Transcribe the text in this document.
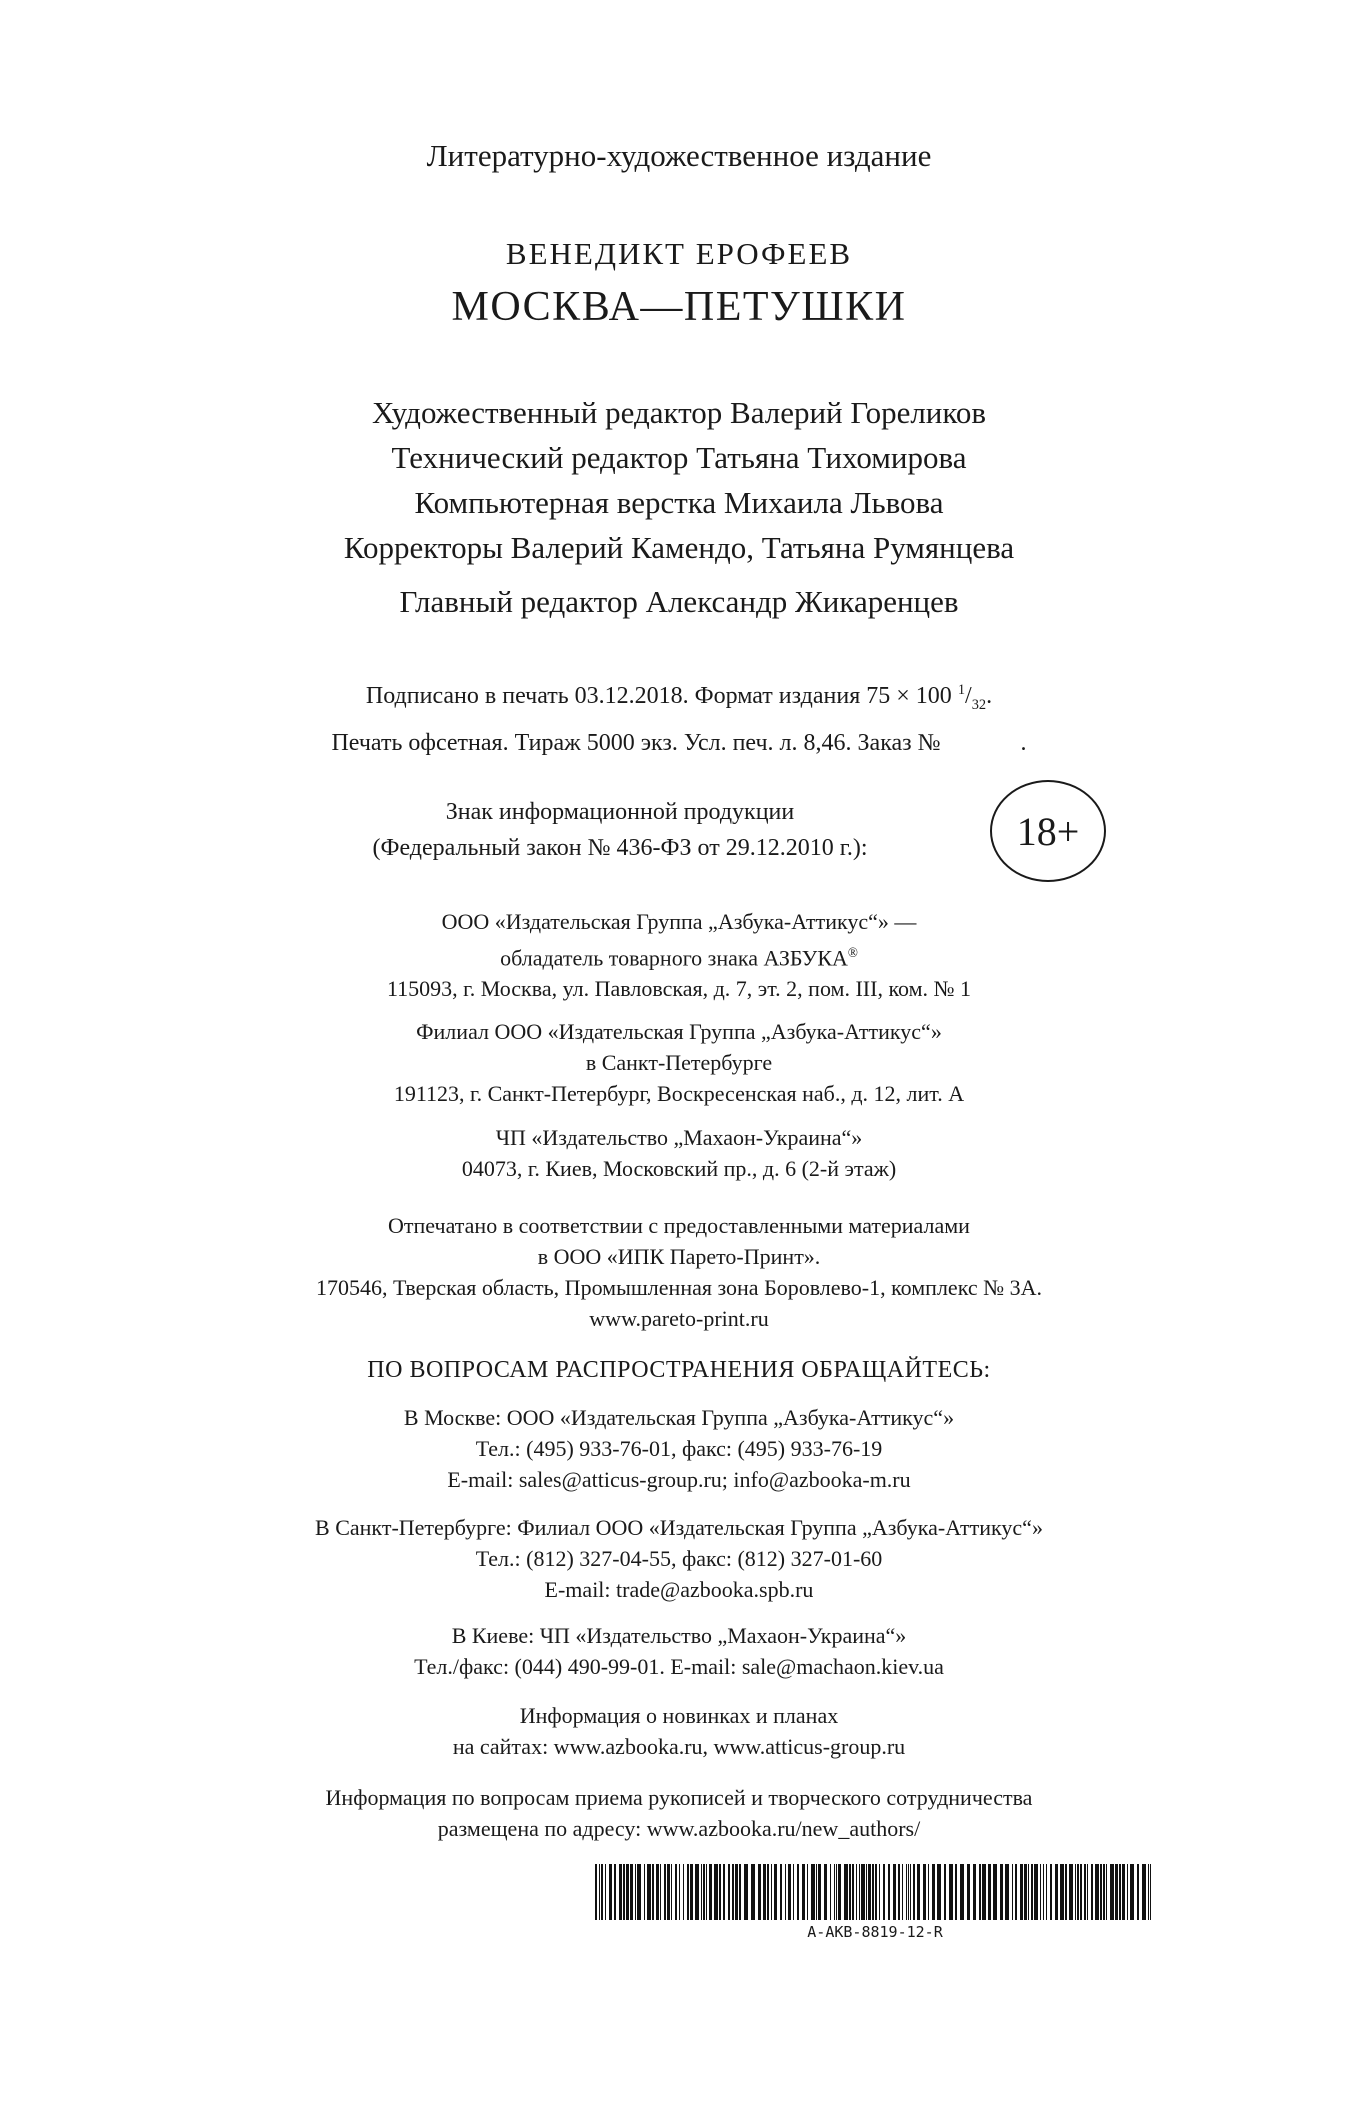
Литературно-художественное издание
ВЕНЕДИКТ ЕРОФЕЕВ
МОСКВА—ПЕТУШКИ
Художественный редактор Валерий Гореликов
Технический редактор Татьяна Тихомирова
Компьютерная верстка Михаила Львова
Корректоры Валерий Камендо, Татьяна Румянцева
Главный редактор Александр Жикаренцев
Подписано в печать 03.12.2018. Формат издания 75 × 100 $^1/_{32}$.
Печать офсетная. Тираж 5000 экз. Усл. печ. л. 8,46. Заказ №	.
Знак информационной продукции
(Федеральный закон № 436-ФЗ от 29.12.2010 г.):	18+
ООО «Издательская Группа „Азбука-Аттикус“» —
обладатель товарного знака АЗБУКА®
115093, г. Москва, ул. Павловская, д. 7, эт. 2, пом. III, ком. № 1
Филиал ООО «Издательская Группа „Азбука-Аттикус“»
в Санкт-Петербурге
191123, г. Санкт-Петербург, Воскресенская наб., д. 12, лит. А
ЧП «Издательство „Махаон-Украина“»
04073, г. Киев, Московский пр., д. 6 (2-й этаж)
Отпечатано в соответствии с предоставленными материалами
в ООО «ИПК Парето-Принт».
170546, Тверская область, Промышленная зона Боровлево-1, комплекс № 3А.
www.pareto-print.ru
ПО ВОПРОСАМ РАСПРОСТРАНЕНИЯ ОБРАЩАЙТЕСЬ:
В Москве: ООО «Издательская Группа „Азбука-Аттикус“»
Тел.: (495) 933-76-01, факс: (495) 933-76-19
E-mail: sales@atticus-group.ru; info@azbooka-m.ru
В Санкт-Петербурге: Филиал ООО «Издательская Группа „Азбука-Аттикус“»
Тел.: (812) 327-04-55, факс: (812) 327-01-60
E-mail: trade@azbooka.spb.ru
В Киеве: ЧП «Издательство „Махаон-Украина“»
Тел./факс: (044) 490-99-01. E-mail: sale@machaon.kiev.ua
Информация о новинках и планах
на сайтах: www.azbooka.ru, www.atticus-group.ru
Информация по вопросам приема рукописей и творческого сотрудничества
размещена по адресу: www.azbooka.ru/new_authors/
A-AKB-8819-12-R
